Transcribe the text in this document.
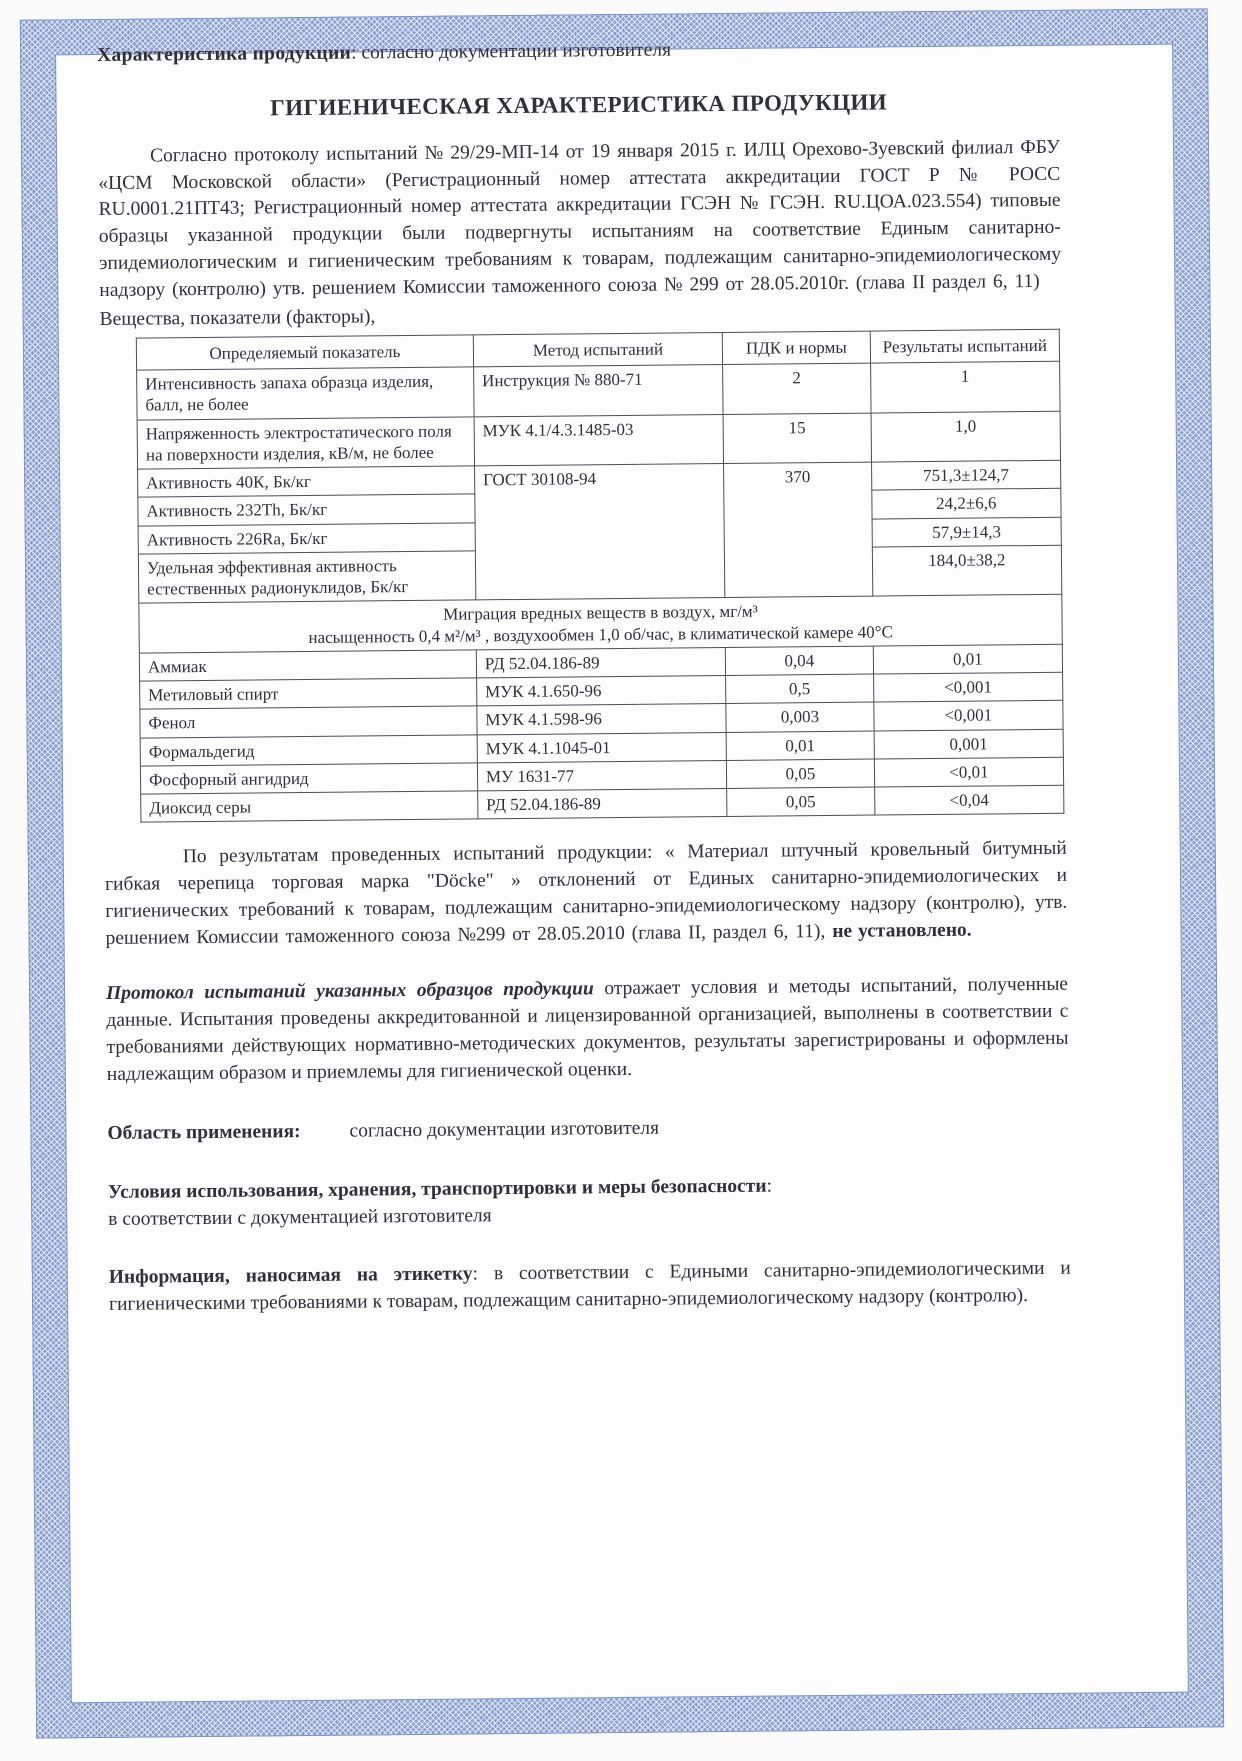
Характеристика продукции: согласно документации изготовителя
ГИГИЕНИЧЕСКАЯ ХАРАКТЕРИСТИКА ПРОДУКЦИИ

Согласно протоколу испытаний № 29/29-МП-14 от 19 января 2015 г. ИЛЦ Орехово-Зуевский филиал ФБУ «ЦСМ Московской области» (Регистрационный номер аттестата аккредитации ГОСТ Р № РОСС RU.0001.21ПТ43; Регистрационный номер аттестата аккредитации ГСЭН № ГСЭН. RU.ЦОА.023.554) типовые образцы указанной продукции были подвергнуты испытаниям на соответствие Единым санитарно-эпидемиологическим и гигиеническим требованиям к товарам, подлежащим санитарно-эпидемиологическому надзору (контролю) утв. решением Комиссии таможенного союза № 299 от 28.05.2010г. (глава II раздел 6, 11)

Вещества, показатели (факторы),

Определяемый показатель	Метод испытаний	ПДК и нормы	Результаты испытаний
Интенсивность запаха образца изделия, балл, не более	Инструкция № 880-71	2	1
Напряженность электростатического поля на поверхности изделия, кВ/м, не более	МУК 4.1/4.3.1485-03	15	1,0
Активность 40К, Бк/кг	ГОСТ 30108-94	370	751,3±124,7
Активность 232Th, Бк/кг			24,2±6,6
Активность 226Ra, Бк/кг			57,9±14,3
Удельная эффективная активность естественных радионуклидов, Бк/кг			184,0±38,2

Миграция вредных веществ в воздух, мг/м³
насыщенность 0,4 м²/м³ , воздухообмен 1,0 об/час, в климатической камере 40°С			

Аммиак	РД 52.04.186-89	0,04	0,01
Метиловый спирт	МУК 4.1.650-96	0,5	<0,001
Фенол	МУК 4.1.598-96	0,003	<0,001
Формальдегид	МУК 4.1.1045-01	0,01	0,001
Фосфорный ангидрид	МУ 1631-77	0,05	<0,01
Диоксид серы	РД 52.04.186-89	0,05	<0,04

По результатам проведенных испытаний продукции: « Материал штучный кровельный битумный гибкая черепица торговая марка "Döcke" » отклонений от Единых санитарно-эпидемиологических и гигиенических требований к товарам, подлежащим санитарно-эпидемиологическому надзору (контролю), утв. решением Комиссии таможенного союза №299 от 28.05.2010 (глава II, раздел 6, 11), не установлено.

Протокол испытаний указанных образцов продукции отражает условия и методы испытаний, полученные данные. Испытания проведены аккредитованной и лицензированной организацией, выполнены в соответствии с требованиями действующих нормативно-методических документов, результаты зарегистрированы и оформлены надлежащим образом и приемлемы для гигиенической оценки.

Область применения: согласно документации изготовителя
Условия использования, хранения, транспортировки и меры безопасности:
в соответствии с документацией изготовителя
Информация, наносимая на этикетку: в соответствии с Едиными санитарно-эпидемиологическими и гигиеническими требованиями к товарам, подлежащим санитарно-эпидемиологическому надзору (контролю).
